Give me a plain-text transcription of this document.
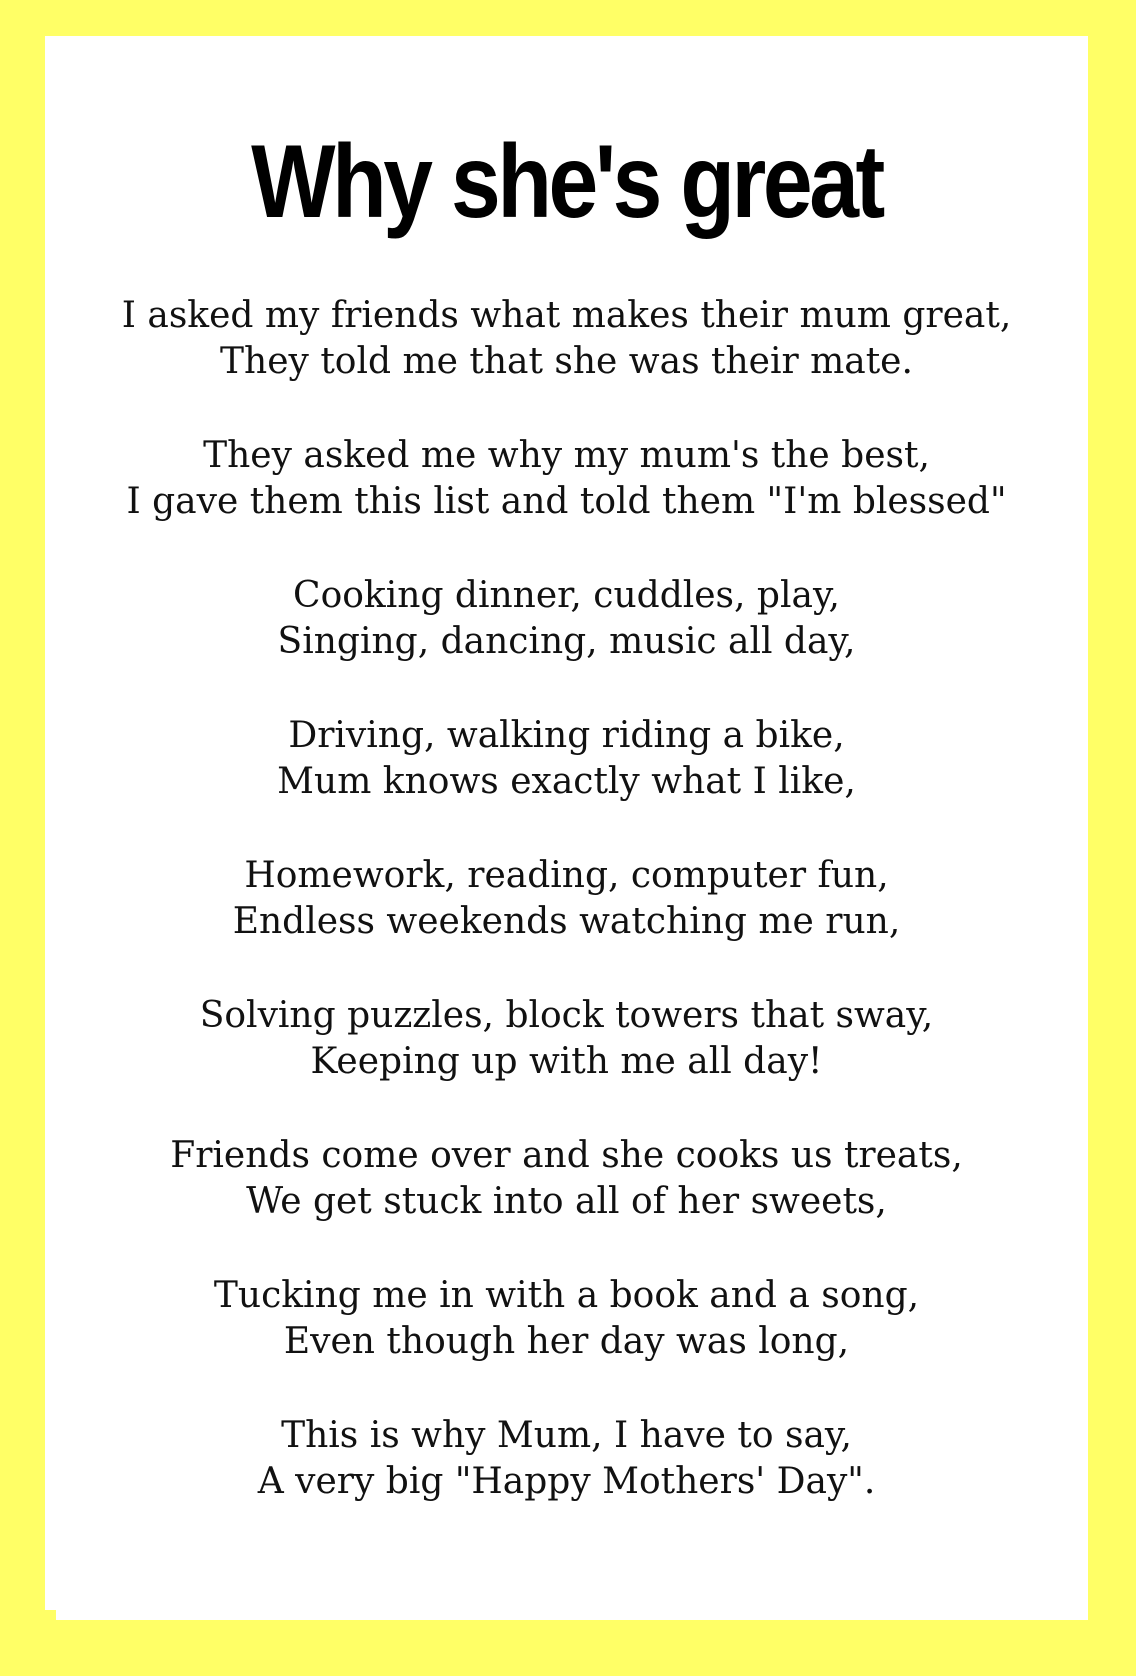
Why she's great

I asked my friends what makes their mum great,
They told me that she was their mate.

They asked me why my mum's the best,
I gave them this list and told them "I'm blessed"

Cooking dinner, cuddles, play,
Singing, dancing, music all day,

Driving, walking riding a bike,
Mum knows exactly what I like,

Homework, reading, computer fun,
Endless weekends watching me run,

Solving puzzles, block towers that sway,
Keeping up with me all day!

Friends come over and she cooks us treats,
We get stuck into all of her sweets,

Tucking me in with a book and a song,
Even though her day was long,

This is why Mum, I have to say,
A very big "Happy Mothers' Day".
